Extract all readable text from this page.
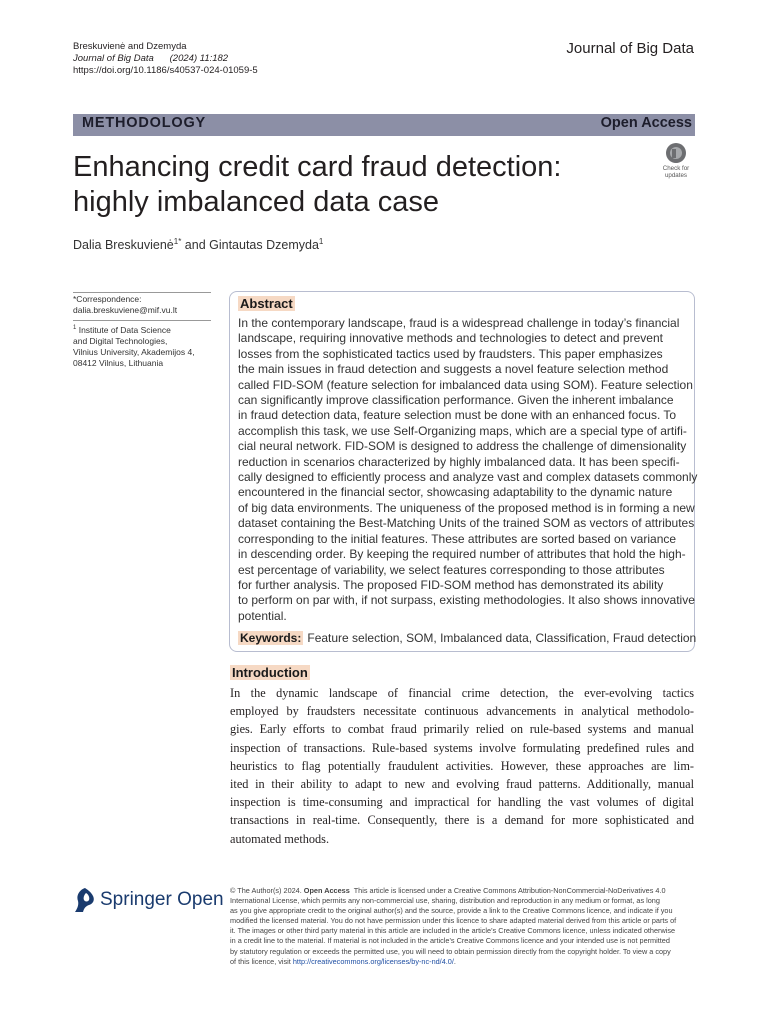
Breskuvienė and Dzemyda
Journal of Big Data (2024) 11:182
https://doi.org/10.1186/s40537-024-01059-5
Journal of Big Data
METHODOLOGY	Open Access
Enhancing credit card fraud detection:
highly imbalanced data case
Check for
updates
Dalia Breskuvienė$^{1*}$ and Gintautas Dzemyda$^1$
*Correspondence:
dalia.breskuviene@mif.vu.lt
$^1$ Institute of Data Science
and Digital Technologies,
Vilnius University, Akademijos 4,
08412 Vilnius, Lithuania
Abstract
In the contemporary landscape, fraud is a widespread challenge in today’s financial
landscape, requiring innovative methods and technologies to detect and prevent
losses from the sophisticated tactics used by fraudsters. This paper emphasizes
the main issues in fraud detection and suggests a novel feature selection method
called FID-SOM (feature selection for imbalanced data using SOM). Feature selection
can significantly improve classification performance. Given the inherent imbalance
in fraud detection data, feature selection must be done with an enhanced focus. To
accomplish this task, we use Self-Organizing maps, which are a special type of artifi-
cial neural network. FID-SOM is designed to address the challenge of dimensionality
reduction in scenarios characterized by highly imbalanced data. It has been specifi-
cally designed to efficiently process and analyze vast and complex datasets commonly
encountered in the financial sector, showcasing adaptability to the dynamic nature
of big data environments. The uniqueness of the proposed method is in forming a new
dataset containing the Best-Matching Units of the trained SOM as vectors of attributes
corresponding to the initial features. These attributes are sorted based on variance
in descending order. By keeping the required number of attributes that hold the high-
est percentage of variability, we select features corresponding to those attributes
for further analysis. The proposed FID-SOM method has demonstrated its ability
to perform on par with, if not surpass, existing methodologies. It also shows innovative
potential.
Keywords: Feature selection, SOM, Imbalanced data, Classification, Fraud detection
Introduction
In the dynamic landscape of financial crime detection, the ever-evolving tactics
employed by fraudsters necessitate continuous advancements in analytical methodolo-
gies. Early efforts to combat fraud primarily relied on rule-based systems and manual
inspection of transactions. Rule-based systems involve formulating predefined rules and
heuristics to flag potentially fraudulent activities. However, these approaches are lim-
ited in their ability to adapt to new and evolving fraud patterns. Additionally, manual
inspection is time-consuming and impractical for handling the vast volumes of digital
transactions in real-time. Consequently, there is a demand for more sophisticated and
automated methods.
Springer Open © The Author(s) 2024. Open Access This article is licensed under a Creative Commons Attribution-NonCommercial-NoDerivatives 4.0
International License, which permits any non-commercial use, sharing, distribution and reproduction in any medium or format, as long
as you give appropriate credit to the original author(s) and the source, provide a link to the Creative Commons licence, and indicate if you
modified the licensed material. You do not have permission under this licence to share adapted material derived from this article or parts of
it. The images or other third party material in this article are included in the article’s Creative Commons licence, unless indicated otherwise
in a credit line to the material. If material is not included in the article’s Creative Commons licence and your intended use is not permitted
by statutory regulation or exceeds the permitted use, you will need to obtain permission directly from the copyright holder. To view a copy
of this licence, visit http://creativecommons.org/licenses/by-nc-nd/4.0/.
